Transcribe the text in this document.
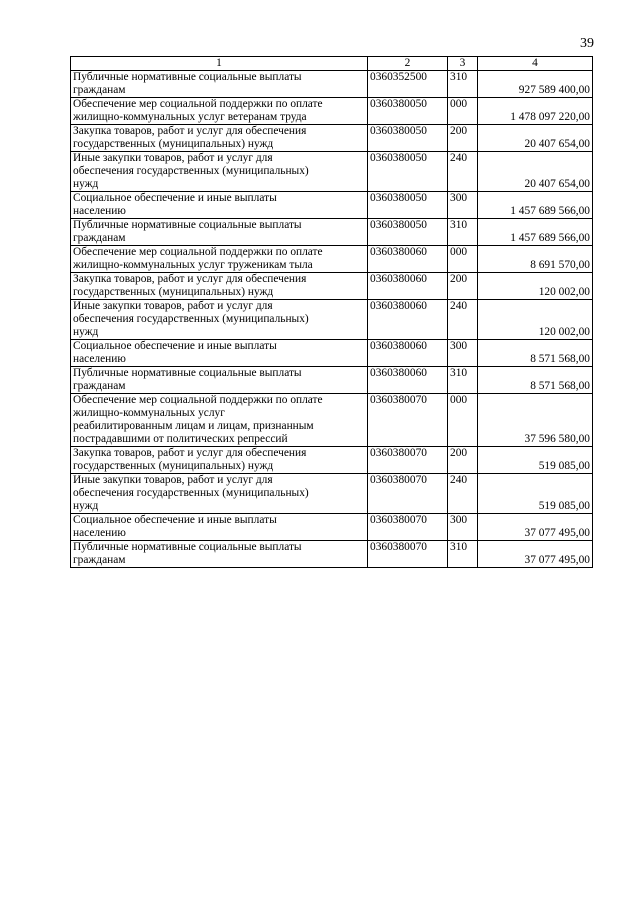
39
1	2	3	4
Публичные нормативные социальные выплаты
гражданам	0360352500	310	927 589 400,00
Обеспечение мер социальной поддержки по оплате
жилищно-коммунальных услуг ветеранам труда	0360380050	000	1 478 097 220,00
Закупка товаров, работ и услуг для обеспечения
государственных (муниципальных) нужд	0360380050	200	20 407 654,00
Иные закупки товаров, работ и услуг для
обеспечения государственных (муниципальных)
нужд	0360380050	240	20 407 654,00
Социальное обеспечение и иные выплаты
населению	0360380050	300	1 457 689 566,00
Публичные нормативные социальные выплаты
гражданам	0360380050	310	1 457 689 566,00
Обеспечение мер социальной поддержки по оплате
жилищно-коммунальных услуг труженикам тыла	0360380060	000	8 691 570,00
Закупка товаров, работ и услуг для обеспечения
государственных (муниципальных) нужд	0360380060	200	120 002,00
Иные закупки товаров, работ и услуг для
обеспечения государственных (муниципальных)
нужд	0360380060	240	120 002,00
Социальное обеспечение и иные выплаты
населению	0360380060	300	8 571 568,00
Публичные нормативные социальные выплаты
гражданам	0360380060	310	8 571 568,00
Обеспечение мер социальной поддержки по оплате
жилищно-коммунальных услуг
реабилитированным лицам и лицам, признанным
пострадавшими от политических репрессий	0360380070	000	37 596 580,00
Закупка товаров, работ и услуг для обеспечения
государственных (муниципальных) нужд	0360380070	200	519 085,00
Иные закупки товаров, работ и услуг для
обеспечения государственных (муниципальных)
нужд	0360380070	240	519 085,00
Социальное обеспечение и иные выплаты
населению	0360380070	300	37 077 495,00
Публичные нормативные социальные выплаты
гражданам	0360380070	310	37 077 495,00
